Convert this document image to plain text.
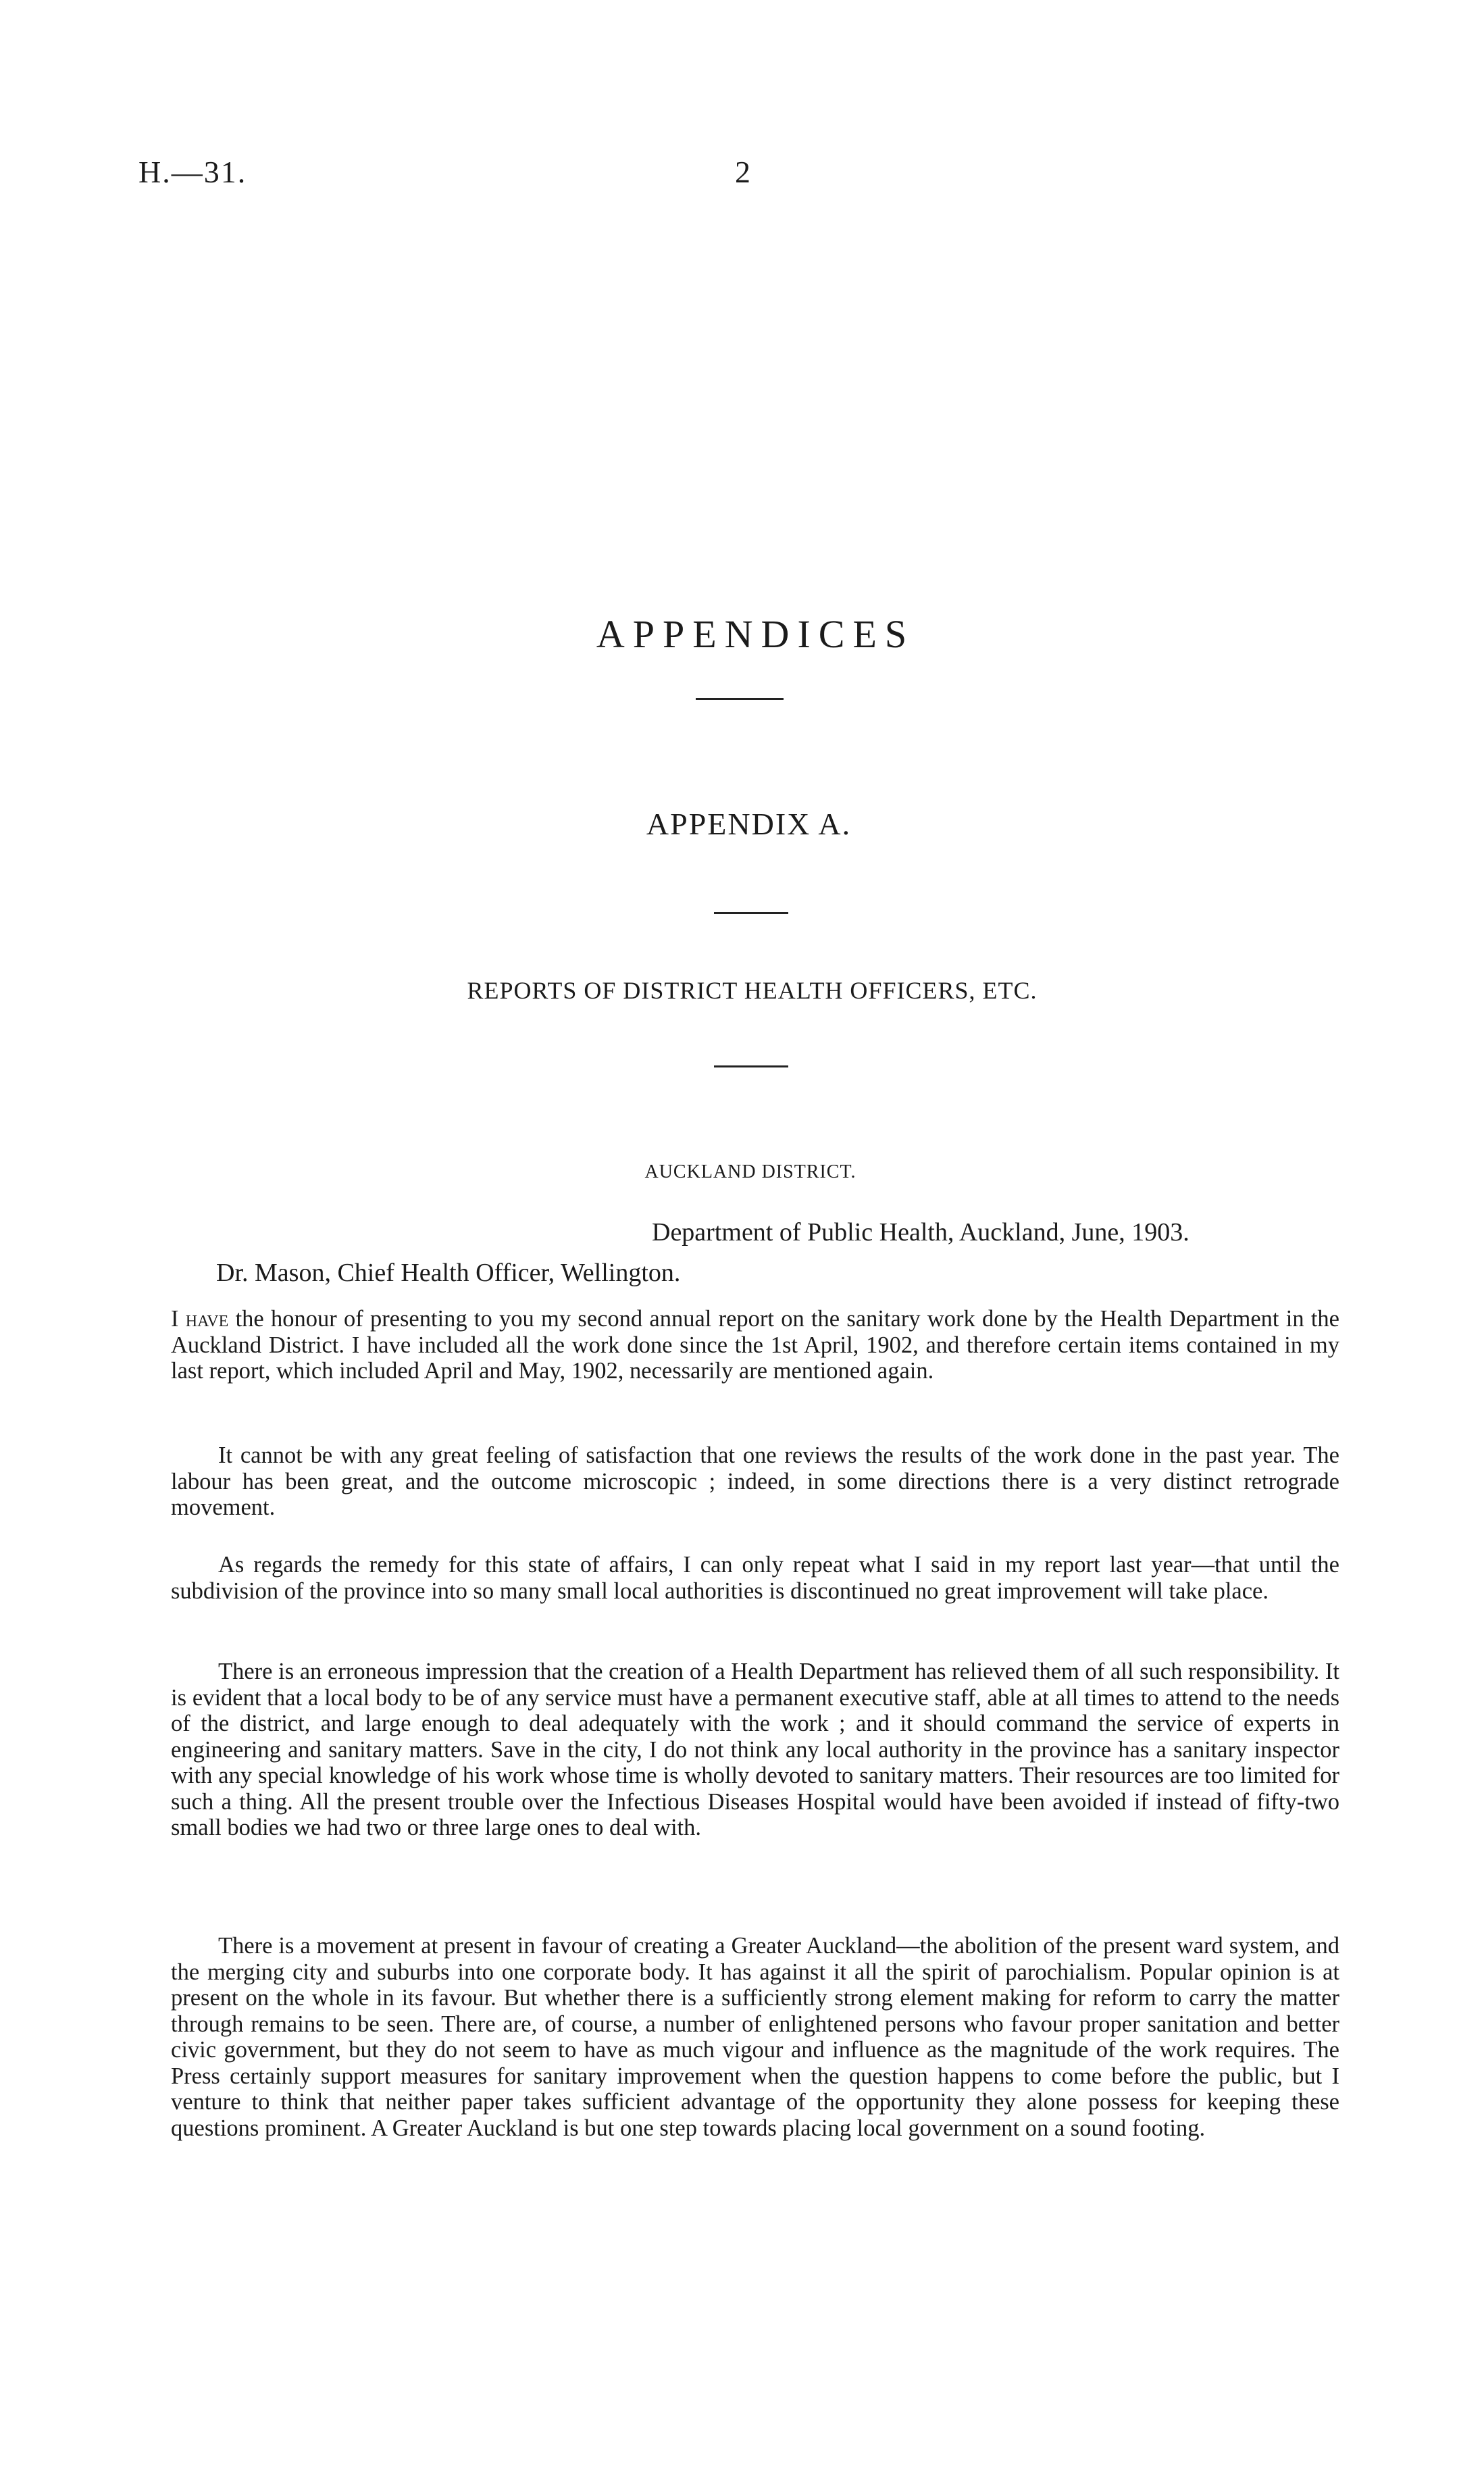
H.—31.	2
APPENDICES
APPENDIX A.
REPORTS OF DISTRICT HEALTH OFFICERS, ETC.
AUCKLAND DISTRICT.
Department of Public Health, Auckland, June, 1903.
Dr. Mason, Chief Health Officer, Wellington.

I have the honour of presenting to you my second annual report on the sanitary work done by the Health Department in the Auckland District. I have included all the work done since the 1st April, 1902, and therefore certain items contained in my last report, which included April and May, 1902, necessarily are mentioned again.

It cannot be with any great feeling of satisfaction that one reviews the results of the work done in the past year. The labour has been great, and the outcome microscopic ; indeed, in some directions there is a very distinct retrograde movement.

As regards the remedy for this state of affairs, I can only repeat what I said in my report last year—that until the subdivision of the province into so many small local authorities is discontinued no great improvement will take place.

There is an erroneous impression that the creation of a Health Department has relieved them of all such responsibility. It is evident that a local body to be of any service must have a permanent executive staff, able at all times to attend to the needs of the district, and large enough to deal adequately with the work ; and it should command the service of experts in engineering and sanitary matters. Save in the city, I do not think any local authority in the province has a sanitary inspector with any special knowledge of his work whose time is wholly devoted to sanitary matters. Their resources are too limited for such a thing. All the present trouble over the Infectious Diseases Hospital would have been avoided if instead of fifty-two small bodies we had two or three large ones to deal with.

There is a movement at present in favour of creating a Greater Auckland—the abolition of the present ward system, and the merging city and suburbs into one corporate body. It has against it all the spirit of parochialism. Popular opinion is at present on the whole in its favour. But whether there is a sufficiently strong element making for reform to carry the matter through remains to be seen. There are, of course, a number of enlightened persons who favour proper sanitation and better civic government, but they do not seem to have as much vigour and influence as the magnitude of the work requires. The Press certainly support measures for sanitary improvement when the question happens to come before the public, but I venture to think that neither paper takes sufficient advantage of the opportunity they alone possess for keeping these questions prominent. A Greater Auckland is but one step towards placing local government on a sound footing.
